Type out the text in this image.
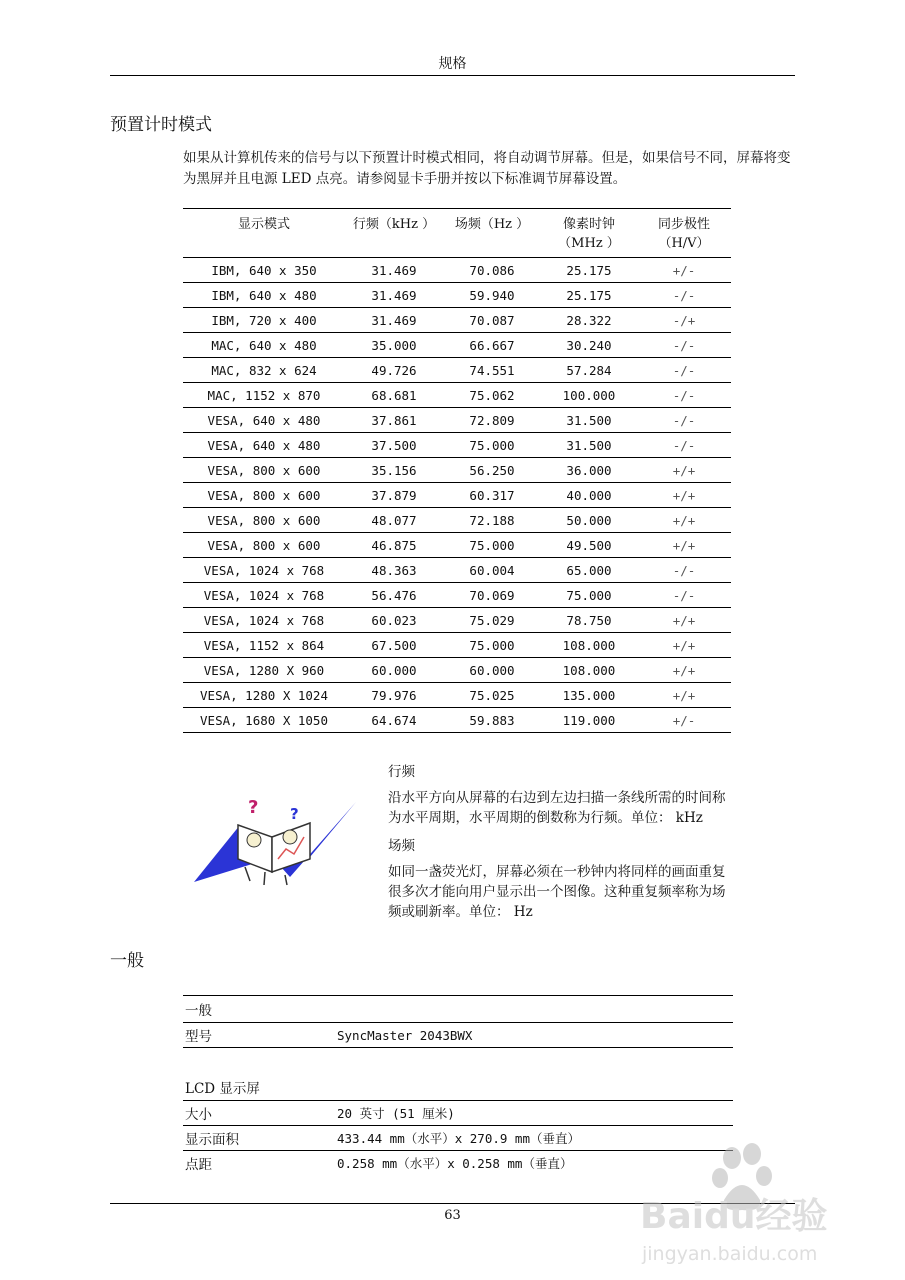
规格
预置计时模式
如果从计算机传来的信号与以下预置计时模式相同，将自动调节屏幕。但是，如果信号不同，屏幕将变为黑屏并且电源 LED 点亮。请参阅显卡手册并按以下标准调节屏幕设置。
显示模式	行频（kHz ）	场频（Hz ）	像素时钟（MHz ）	同步极性（H/V）
IBM, 640 x 350	31.469	70.086	25.175	+/-
IBM, 640 x 480	31.469	59.940	25.175	-/-
IBM, 720 x 400	31.469	70.087	28.322	-/+
MAC, 640 x 480	35.000	66.667	30.240	-/-
MAC, 832 x 624	49.726	74.551	57.284	-/-
MAC, 1152 x 870	68.681	75.062	100.000	-/-
VESA, 640 x 480	37.861	72.809	31.500	-/-
VESA, 640 x 480	37.500	75.000	31.500	-/-
VESA, 800 x 600	35.156	56.250	36.000	+/+
VESA, 800 x 600	37.879	60.317	40.000	+/+
VESA, 800 x 600	48.077	72.188	50.000	+/+
VESA, 800 x 600	46.875	75.000	49.500	+/+
VESA, 1024 x 768	48.363	60.004	65.000	-/-
VESA, 1024 x 768	56.476	70.069	75.000	-/-
VESA, 1024 x 768	60.023	75.029	78.750	+/+
VESA, 1152 x 864	67.500	75.000	108.000	+/+
VESA, 1280 X 960	60.000	60.000	108.000	+/+
VESA, 1280 X 1024	79.976	75.025	135.000	+/+
VESA, 1680 X 1050	64.674	59.883	119.000	+/-
? ?

行频

沿水平方向从屏幕的右边到左边扫描一条线所需的时间称为水平周期，水平周期的倒数称为行频。单位： kHz

场频

如同一盏荧光灯，屏幕必须在一秒钟内将同样的画面重复很多次才能向用户显示出一个图像。这种重复频率称为场频或刷新率。单位： Hz

一般
一般
型号	SyncMaster 2043BWX
LCD 显示屏
大小	20 英寸 (51 厘米)
显示面积	433.44 mm（水平）x 270.9 mm（垂直）
点距	0.258 mm（水平）x 0.258 mm（垂直）
63	Baidu经验
jingyan.baidu.com
